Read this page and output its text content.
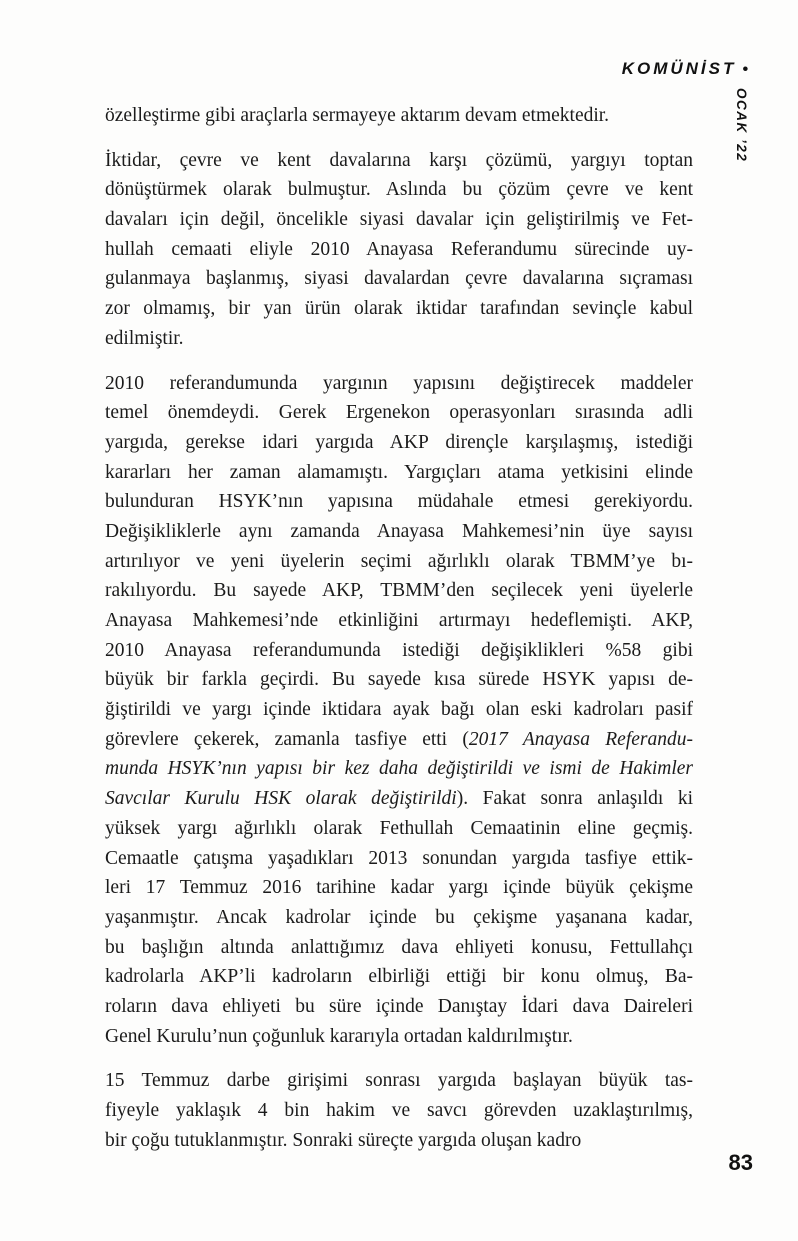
KOMÜNİST •
OCAK ’22
özelleştirme gibi araçlarla sermayeye aktarım devam etmektedir.
İktidar, çevre ve kent davalarına karşı çözümü, yargıyı toptan
dönüştürmek olarak bulmuştur. Aslında bu çözüm çevre ve kent
davaları için değil, öncelikle siyasi davalar için geliştirilmiş ve Fet-
hullah cemaati eliyle 2010 Anayasa Referandumu sürecinde uy-
gulanmaya başlanmış, siyasi davalardan çevre davalarına sıçraması
zor olmamış, bir yan ürün olarak iktidar tarafından sevinçle kabul
edilmiştir.
2010 referandumunda yargının yapısını değiştirecek maddeler
temel önemdeydi. Gerek Ergenekon operasyonları sırasında adli
yargıda, gerekse idari yargıda AKP dirençle karşılaşmış, istediği
kararları her zaman alamamıştı. Yargıçları atama yetkisini elinde
bulunduran HSYK’nın yapısına müdahale etmesi gerekiyordu.
Değişikliklerle aynı zamanda Anayasa Mahkemesi’nin üye sayısı
artırılıyor ve yeni üyelerin seçimi ağırlıklı olarak TBMM’ye bı-
rakılıyordu. Bu sayede AKP, TBMM’den seçilecek yeni üyelerle
Anayasa Mahkemesi’nde etkinliğini artırmayı hedeflemişti. AKP,
2010 Anayasa referandumunda istediği değişiklikleri %58 gibi
büyük bir farkla geçirdi. Bu sayede kısa sürede HSYK yapısı de-
ğiştirildi ve yargı içinde iktidara ayak bağı olan eski kadroları pasif
görevlere çekerek, zamanla tasfiye etti (2017 Anayasa Referandu-
munda HSYK’nın yapısı bir kez daha değiştirildi ve ismi de Hakimler
Savcılar Kurulu HSK olarak değiştirildi). Fakat sonra anlaşıldı ki
yüksek yargı ağırlıklı olarak Fethullah Cemaatinin eline geçmiş.
Cemaatle çatışma yaşadıkları 2013 sonundan yargıda tasfiye ettik-
leri 17 Temmuz 2016 tarihine kadar yargı içinde büyük çekişme
yaşanmıştır. Ancak kadrolar içinde bu çekişme yaşanana kadar,
bu başlığın altında anlattığımız dava ehliyeti konusu, Fettullahçı
kadrolarla AKP’li kadroların elbirliği ettiği bir konu olmuş, Ba-
roların dava ehliyeti bu süre içinde Danıştay İdari dava Daireleri
Genel Kurulu’nun çoğunluk kararıyla ortadan kaldırılmıştır.
15 Temmuz darbe girişimi sonrası yargıda başlayan büyük tas-
fiyeyle yaklaşık 4 bin hakim ve savcı görevden uzaklaştırılmış,
bir çoğu tutuklanmıştır. Sonraki süreçte yargıda oluşan kadro
83
